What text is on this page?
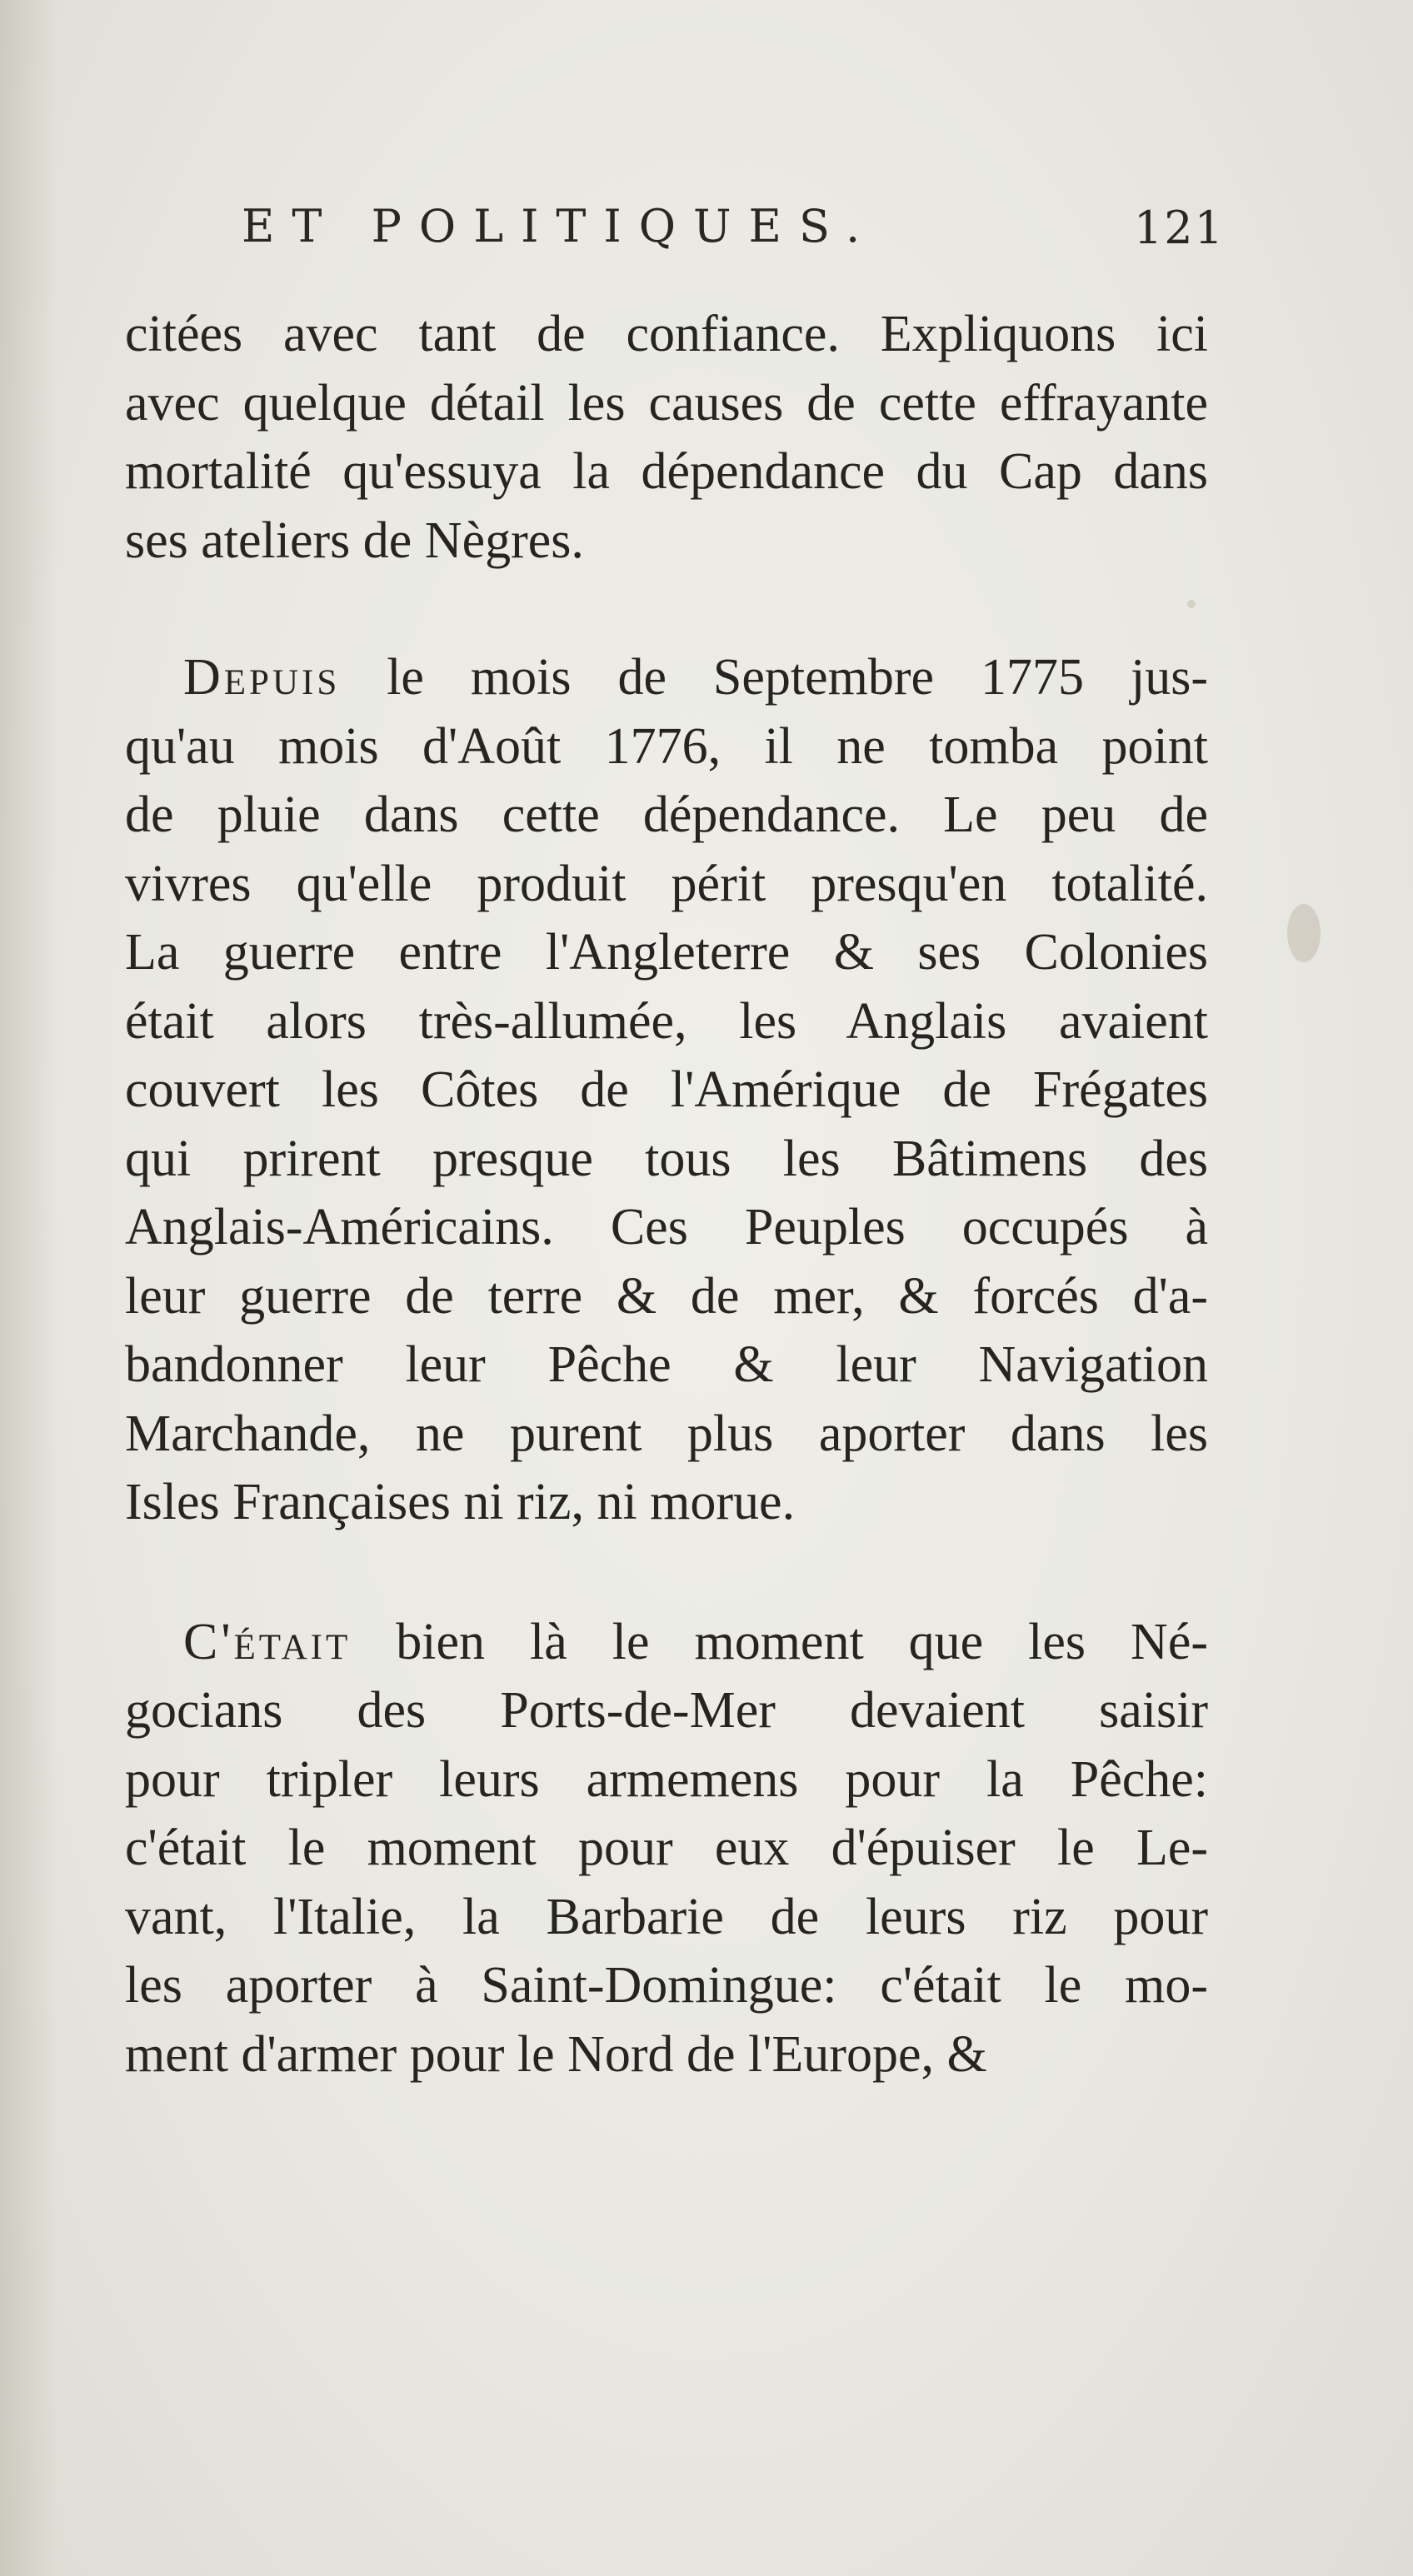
ET POLITIQUES.	121
citées avec tant de confiance. Expliquons ici
avec quelque détail les causes de cette effrayante
mortalité qu'essuya la dépendance du Cap dans
ses ateliers de Nègres.
Depuis le mois de Septembre 1775 jus-
qu'au mois d'Août 1776, il ne tomba point
de pluie dans cette dépendance. Le peu de
vivres qu'elle produit périt presqu'en totalité.
La guerre entre l'Angleterre & ses Colonies
était alors très-allumée, les Anglais avaient
couvert les Côtes de l'Amérique de Frégates
qui prirent presque tous les Bâtimens des
Anglais-Américains. Ces Peuples occupés à
leur guerre de terre & de mer, & forcés d'a-
bandonner leur Pêche & leur Navigation
Marchande, ne purent plus aporter dans les
Isles Françaises ni riz, ni morue.
C'était bien là le moment que les Né-
gocians des Ports-de-Mer devaient saisir
pour tripler leurs armemens pour la Pêche:
c'était le moment pour eux d'épuiser le Le-
vant, l'Italie, la Barbarie de leurs riz pour
les aporter à Saint-Domingue: c'était le mo-
ment d'armer pour le Nord de l'Europe, &
